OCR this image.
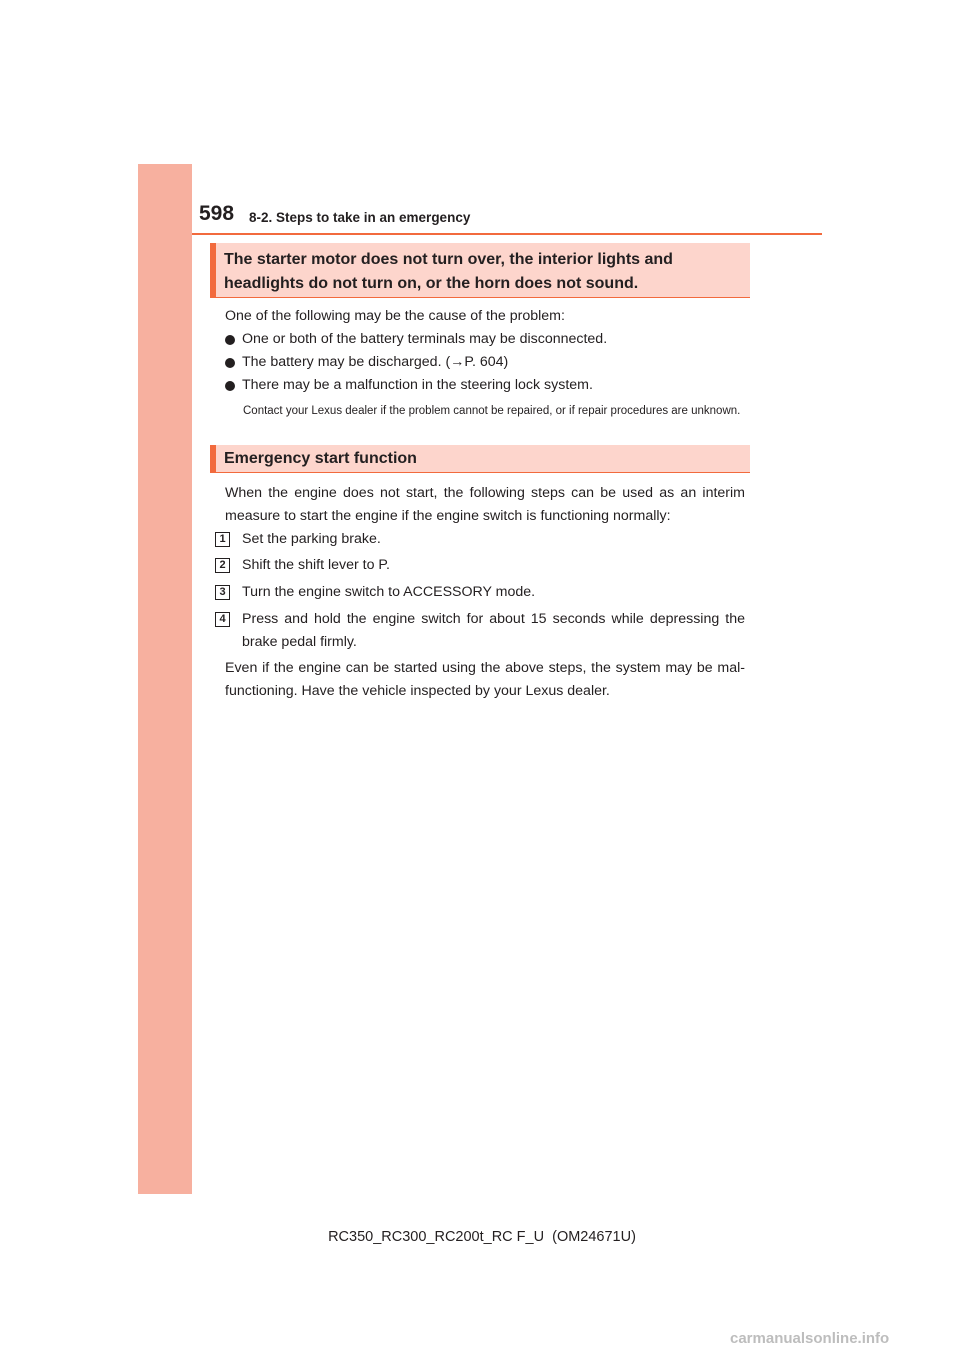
598 8-2. Steps to take in an emergency
The starter motor does not turn over, the interior lights and headlights do not turn on, or the horn does not sound.
One of the following may be the cause of the problem:
One or both of the battery terminals may be disconnected.
The battery may be discharged. (→P. 604)
There may be a malfunction in the steering lock system.
Contact your Lexus dealer if the problem cannot be repaired, or if repair procedures are unknown.
Emergency start function
When the engine does not start, the following steps can be used as an interim measure to start the engine if the engine switch is functioning normally:
1	Set the parking brake.
2	Shift the shift lever to P.
3	Turn the engine switch to ACCESSORY mode.
4	Press and hold the engine switch for about 15 seconds while depressing the brake pedal firmly.
Even if the engine can be started using the above steps, the system may be mal-functioning. Have the vehicle inspected by your Lexus dealer.
RC350_RC300_RC200t_RC F_U (OM24671U)
carmanualsonline.info
